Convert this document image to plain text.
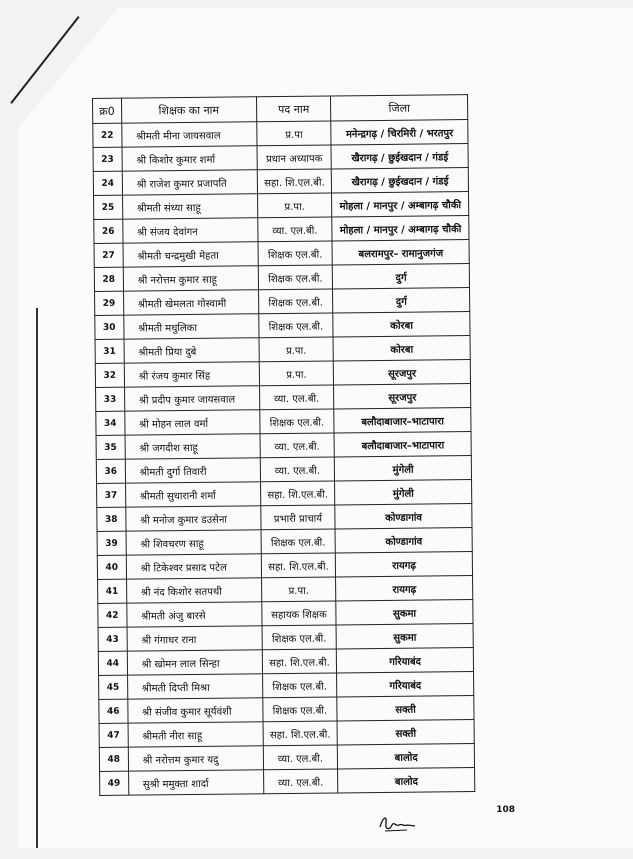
क्र0	शिक्षक का नाम	पद नाम	जिला
22	श्रीमती मीना जायसवाल	प्र.पा	मनेन्द्रगढ़ / चिरमिरी / भरतपुर
23	श्री किशोर कुमार शर्मा	प्रधान अध्यापक	खैरागढ़ / छुईखदान / गंडई
24	श्री राजेश कुमार प्रजापति	सहा. शि.एल.बी.	खैरागढ़ / छुईखदान / गंडई
25	श्रीमती संध्या साहू	प्र.पा.	मोहला / मानपुर / अम्बागढ़ चौकी
26	श्री संजय देवांगन	व्या. एल.बी.	मोहला / मानपुर / अम्बागढ़ चौकी
27	श्रीमती चन्द्रमुखी मेहता	शिक्षक एल.बी.	बलरामपुर– रामानुजगंज
28	श्री नरोत्तम कुमार साहू	शिक्षक एल.बी.	दुर्ग
29	श्रीमती खेमलता गोस्वामी	शिक्षक एल.बी.	दुर्ग
30	श्रीमती मधुलिका	शिक्षक एल.बी.	कोरबा
31	श्रीमती प्रिया दुबे	प्र.पा.	कोरबा
32	श्री रंजय कुमार सिंह	प्र.पा.	सूरजपुर
33	श्री प्रदीप कुमार जायसवाल	व्या. एल.बी.	सूरजपुर
34	श्री मोहन लाल वर्मा	शिक्षक एल.बी.	बलौदाबाजार–भाटापारा
35	श्री जगदीश साहू	व्या. एल.बी.	बलौदाबाजार–भाटापारा
36	श्रीमती दुर्गा तिवारी	व्या. एल.बी.	मुंगेली
37	श्रीमती सुधारानी शर्मा	सहा. शि.एल.बी.	मुंगेली
38	श्री मनोज कुमार डउसेना	प्रभारी प्राचार्य	कोण्डागांव
39	श्री शिवचरण साहू	शिक्षक एल.बी.	कोण्डागांव
40	श्री टिकेश्वर प्रसाद पटेल	सहा. शि.एल.बी.	रायगढ़
41	श्री नंद किशोर सतपथी	प्र.पा.	रायगढ़
42	श्रीमती अंजु बारसे	सहायक शिक्षक	सुकमा
43	श्री गंगाधर राना	शिक्षक एल.बी.	सुकमा
44	श्री खोमन लाल सिन्हा	सहा. शि.एल.बी.	गरियाबंद
45	श्रीमती दिप्ती मिश्रा	शिक्षक एल.बी.	गरियाबंद
46	श्री संजीव कुमार सूर्यवंशी	शिक्षक एल.बी.	सक्ती
47	श्रीमती नीरा साहू	सहा. शि.एल.बी.	सक्ती
48	श्री नरोत्तम कुमार यदु	व्या. एल.बी.	बालोद
49	सुश्री ममुक्ता शार्दा	व्या. एल.बी.	बालोद
108
